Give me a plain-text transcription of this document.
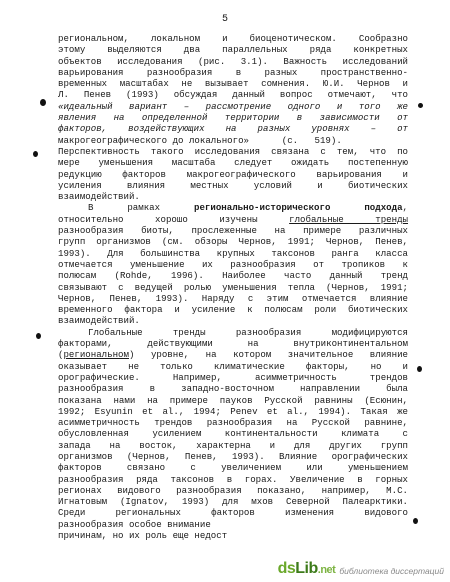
5
региональном, локальном и биоценотическом. Сообразно
этому выделяются два параллельных ряда конкретных
объектов исследования (рис. 3.1). Важность исследований
варьирования разнообразия в разных пространственно-
временных масштабах не вызывает сомнения. Ю.И. Чернов и
Л. Пенев (1993) обсуждая данный вопрос отмечают, что
«идеальный вариант – рассмотрение одного и того же
явления на определенной территории в зависимости от
факторов, воздействующих на разных уровнях – от
макрогеографического до локального»      (с.   519).
Перспективность такого исследования связана с тем, что по
мере уменьшения масштаба следует ожидать постепенную
редукцию факторов макрогеографического варьирования и
усиления влияния местных условий и биотических
взаимодействий.
В рамках регионально-исторического подхода,
относительно хорошо изучены глобальные тренды
разнообразия биоты, прослеженные на примере различных
групп организмов (см. обзоры Чернов, 1991; Чернов, Пенев,
1993). Для большинства крупных таксонов ранга класса
отмечается уменьшение их разнообразия от тропиков к
полюсам (Rohde, 1996). Наиболее часто данный тренд
связывают с ведущей ролью уменьшения тепла (Чернов, 1991;
Чернов, Пенев, 1993). Наряду с этим отмечается влияние
временного фактора и усиление к полюсам роли биотических
взаимодействий.
Глобальные тренды разнообразия модифицируются
факторами, действующими на внутриконтинентальном
(региональном) уровне, на котором значительное влияние
оказывает не только климатические факторы, но и
орографические. Например, асимметричность трендов
разнообразия в западно-восточном направлении была
показана нами на примере пауков Русской равнины (Есюнин,
1992; Esyunin et al., 1994; Penev et al., 1994). Такая же
асимметричность трендов разнообразия на Русской равнине,
обусловленная усилением континентальности климата с
запада на восток, характерна и для других групп
организмов (Чернов, Пенев, 1993). Влияние орографических
факторов связано с увеличением или уменьшением
разнообразия ряда таксонов в горах. Увеличение в горных
регионах видового разнообразия показано, например, М.С.
Игнатовым (Ignatov, 1993) для мхов Северной Палеарктики.
Среди региональных факторов изменения видового
разнообразия особое внимание
причинам, но их роль еще недост
dsLib.net библиотека диссертаций
